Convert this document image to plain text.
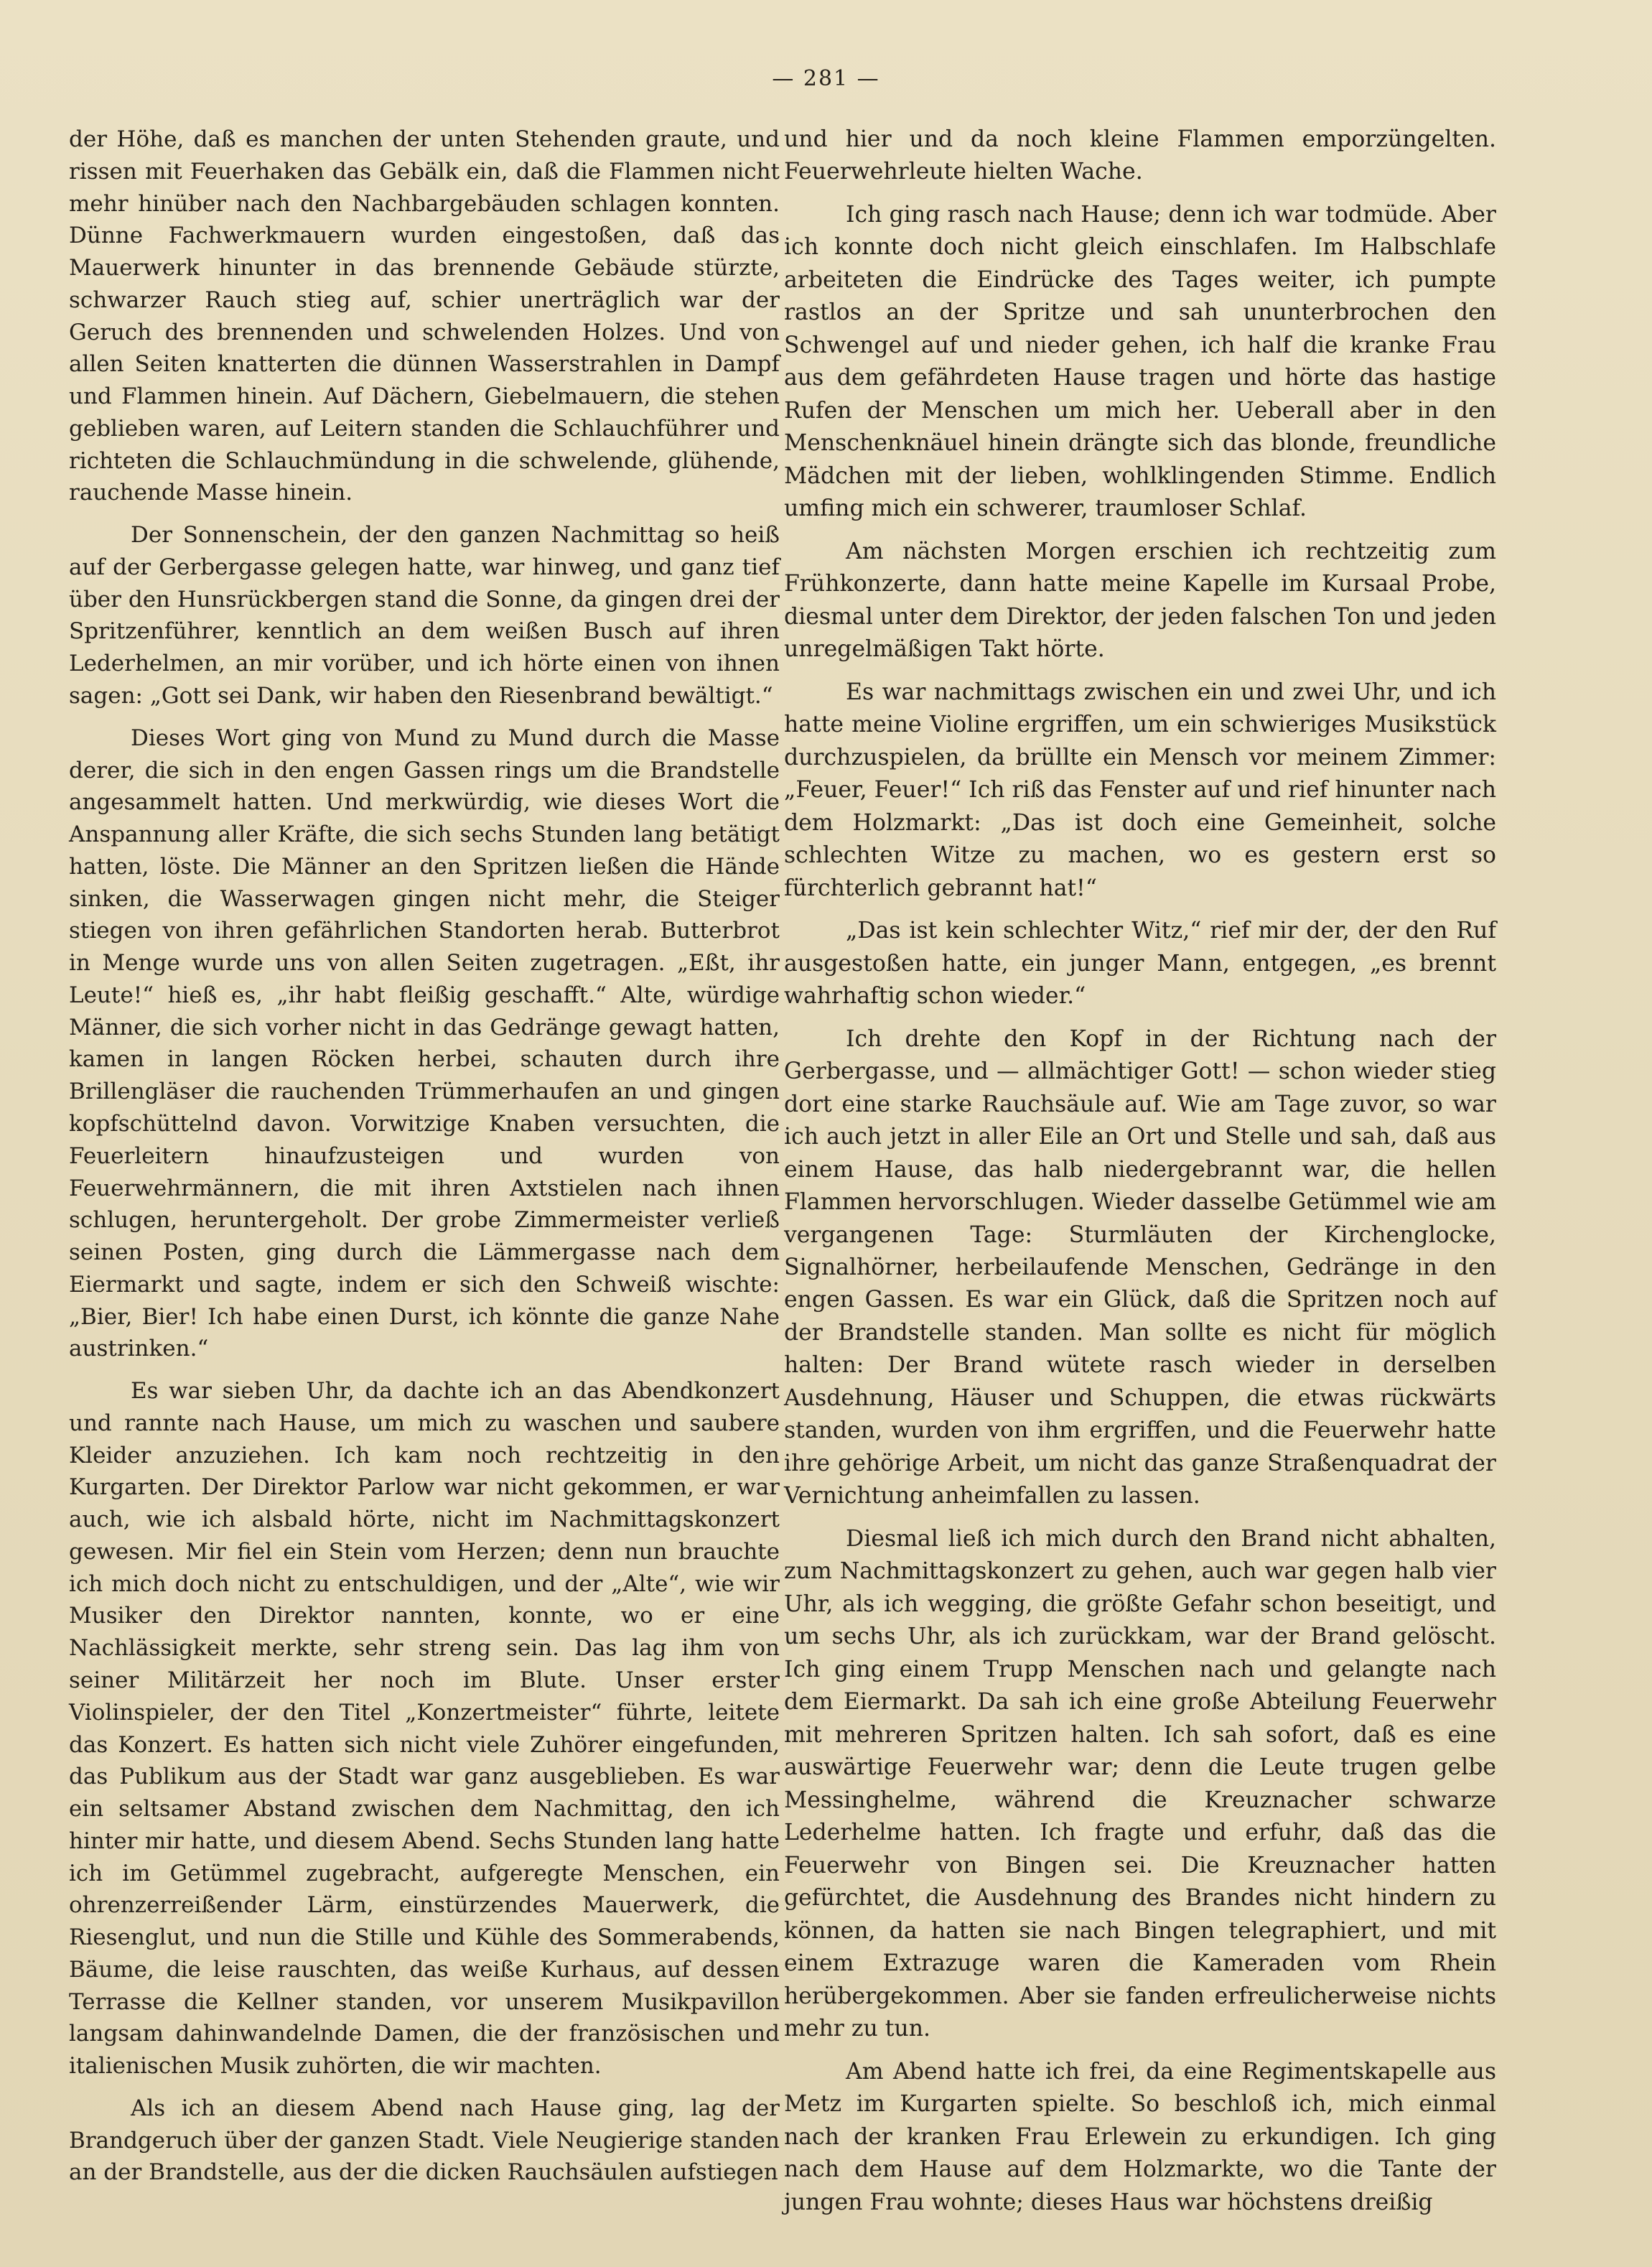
— 281 —

der Höhe, daß es manchen der unten Stehenden graute, und rissen mit Feuerhaken das Gebälk ein, daß die Flammen nicht mehr hinüber nach den Nachbargebäuden schlagen konnten. Dünne Fachwerkmauern wurden eingestoßen, daß das Mauerwerk hinunter in das brennende Gebäude stürzte, schwarzer Rauch stieg auf, schier unerträglich war der Geruch des brennenden und schwelenden Holzes. Und von allen Seiten knatterten die dünnen Wasserstrahlen in Dampf und Flammen hinein. Auf Dächern, Giebelmauern, die stehen geblieben waren, auf Leitern standen die Schlauchführer und richteten die Schlauchmündung in die schwelende, glühende, rauchende Masse hinein.

Der Sonnenschein, der den ganzen Nachmittag so heiß auf der Gerbergasse gelegen hatte, war hinweg, und ganz tief über den Hunsrückbergen stand die Sonne, da gingen drei der Spritzenführer, kenntlich an dem weißen Busch auf ihren Lederhelmen, an mir vorüber, und ich hörte einen von ihnen sagen: „Gott sei Dank, wir haben den Riesenbrand bewältigt.“

Dieses Wort ging von Mund zu Mund durch die Masse derer, die sich in den engen Gassen rings um die Brandstelle angesammelt hatten. Und merkwürdig, wie dieses Wort die Anspannung aller Kräfte, die sich sechs Stunden lang betätigt hatten, löste. Die Männer an den Spritzen ließen die Hände sinken, die Wasserwagen gingen nicht mehr, die Steiger stiegen von ihren gefährlichen Standorten herab. Butterbrot in Menge wurde uns von allen Seiten zugetragen. „Eßt, ihr Leute!“ hieß es, „ihr habt fleißig geschafft.“ Alte, würdige Männer, die sich vorher nicht in das Gedränge gewagt hatten, kamen in langen Röcken herbei, schauten durch ihre Brillengläser die rauchenden Trümmerhaufen an und gingen kopfschüttelnd davon. Vorwitzige Knaben versuchten, die Feuerleitern hinaufzusteigen und wurden von Feuerwehrmännern, die mit ihren Axtstielen nach ihnen schlugen, heruntergeholt. Der grobe Zimmermeister verließ seinen Posten, ging durch die Lämmergasse nach dem Eiermarkt und sagte, indem er sich den Schweiß wischte: „Bier, Bier! Ich habe einen Durst, ich könnte die ganze Nahe austrinken.“

Es war sieben Uhr, da dachte ich an das Abendkonzert und rannte nach Hause, um mich zu waschen und saubere Kleider anzuziehen. Ich kam noch rechtzeitig in den Kurgarten. Der Direktor Parlow war nicht gekommen, er war auch, wie ich alsbald hörte, nicht im Nachmittagskonzert gewesen. Mir fiel ein Stein vom Herzen; denn nun brauchte ich mich doch nicht zu entschuldigen, und der „Alte“, wie wir Musiker den Direktor nannten, konnte, wo er eine Nachlässigkeit merkte, sehr streng sein. Das lag ihm von seiner Militärzeit her noch im Blute. Unser erster Violinspieler, der den Titel „Konzertmeister“ führte, leitete das Konzert. Es hatten sich nicht viele Zuhörer eingefunden, das Publikum aus der Stadt war ganz ausgeblieben. Es war ein seltsamer Abstand zwischen dem Nachmittag, den ich hinter mir hatte, und diesem Abend. Sechs Stunden lang hatte ich im Getümmel zugebracht, aufgeregte Menschen, ein ohrenzerreißender Lärm, einstürzendes Mauerwerk, die Riesenglut, und nun die Stille und Kühle des Sommerabends, Bäume, die leise rauschten, das weiße Kurhaus, auf dessen Terrasse die Kellner standen, vor unserem Musikpavillon langsam dahinwandelnde Damen, die der französischen und italienischen Musik zuhörten, die wir machten.

Als ich an diesem Abend nach Hause ging, lag der Brandgeruch über der ganzen Stadt. Viele Neugierige standen an der Brandstelle, aus der die dicken Rauchsäulen aufstiegen

und hier und da noch kleine Flammen emporzüngelten. Feuerwehrleute hielten Wache.

Ich ging rasch nach Hause; denn ich war todmüde. Aber ich konnte doch nicht gleich einschlafen. Im Halbschlafe arbeiteten die Eindrücke des Tages weiter, ich pumpte rastlos an der Spritze und sah ununterbrochen den Schwengel auf und nieder gehen, ich half die kranke Frau aus dem gefährdeten Hause tragen und hörte das hastige Rufen der Menschen um mich her. Ueberall aber in den Menschenknäuel hinein drängte sich das blonde, freundliche Mädchen mit der lieben, wohlklingenden Stimme. Endlich umfing mich ein schwerer, traumloser Schlaf.

Am nächsten Morgen erschien ich rechtzeitig zum Frühkonzerte, dann hatte meine Kapelle im Kursaal Probe, diesmal unter dem Direktor, der jeden falschen Ton und jeden unregelmäßigen Takt hörte.

Es war nachmittags zwischen ein und zwei Uhr, und ich hatte meine Violine ergriffen, um ein schwieriges Musikstück durchzuspielen, da brüllte ein Mensch vor meinem Zimmer: „Feuer, Feuer!“ Ich riß das Fenster auf und rief hinunter nach dem Holzmarkt: „Das ist doch eine Gemeinheit, solche schlechten Witze zu machen, wo es gestern erst so fürchterlich gebrannt hat!“

„Das ist kein schlechter Witz,“ rief mir der, der den Ruf ausgestoßen hatte, ein junger Mann, entgegen, „es brennt wahrhaftig schon wieder.“

Ich drehte den Kopf in der Richtung nach der Gerbergasse, und — allmächtiger Gott! — schon wieder stieg dort eine starke Rauchsäule auf. Wie am Tage zuvor, so war ich auch jetzt in aller Eile an Ort und Stelle und sah, daß aus einem Hause, das halb niedergebrannt war, die hellen Flammen hervorschlugen. Wieder dasselbe Getümmel wie am vergangenen Tage: Sturmläuten der Kirchenglocke, Signalhörner, herbeilaufende Menschen, Gedränge in den engen Gassen. Es war ein Glück, daß die Spritzen noch auf der Brandstelle standen. Man sollte es nicht für möglich halten: Der Brand wütete rasch wieder in derselben Ausdehnung, Häuser und Schuppen, die etwas rückwärts standen, wurden von ihm ergriffen, und die Feuerwehr hatte ihre gehörige Arbeit, um nicht das ganze Straßenquadrat der Vernichtung anheimfallen zu lassen.

Diesmal ließ ich mich durch den Brand nicht abhalten, zum Nachmittagskonzert zu gehen, auch war gegen halb vier Uhr, als ich wegging, die größte Gefahr schon beseitigt, und um sechs Uhr, als ich zurückkam, war der Brand gelöscht. Ich ging einem Trupp Menschen nach und gelangte nach dem Eiermarkt. Da sah ich eine große Abteilung Feuerwehr mit mehreren Spritzen halten. Ich sah sofort, daß es eine auswärtige Feuerwehr war; denn die Leute trugen gelbe Messinghelme, während die Kreuznacher schwarze Lederhelme hatten. Ich fragte und erfuhr, daß das die Feuerwehr von Bingen sei. Die Kreuznacher hatten gefürchtet, die Ausdehnung des Brandes nicht hindern zu können, da hatten sie nach Bingen telegraphiert, und mit einem Extrazuge waren die Kameraden vom Rhein herübergekommen. Aber sie fanden erfreulicherweise nichts mehr zu tun.

Am Abend hatte ich frei, da eine Regimentskapelle aus Metz im Kurgarten spielte. So beschloß ich, mich einmal nach der kranken Frau Erlewein zu erkundigen. Ich ging nach dem Hause auf dem Holzmarkte, wo die Tante der jungen Frau wohnte; dieses Haus war höchstens dreißig
